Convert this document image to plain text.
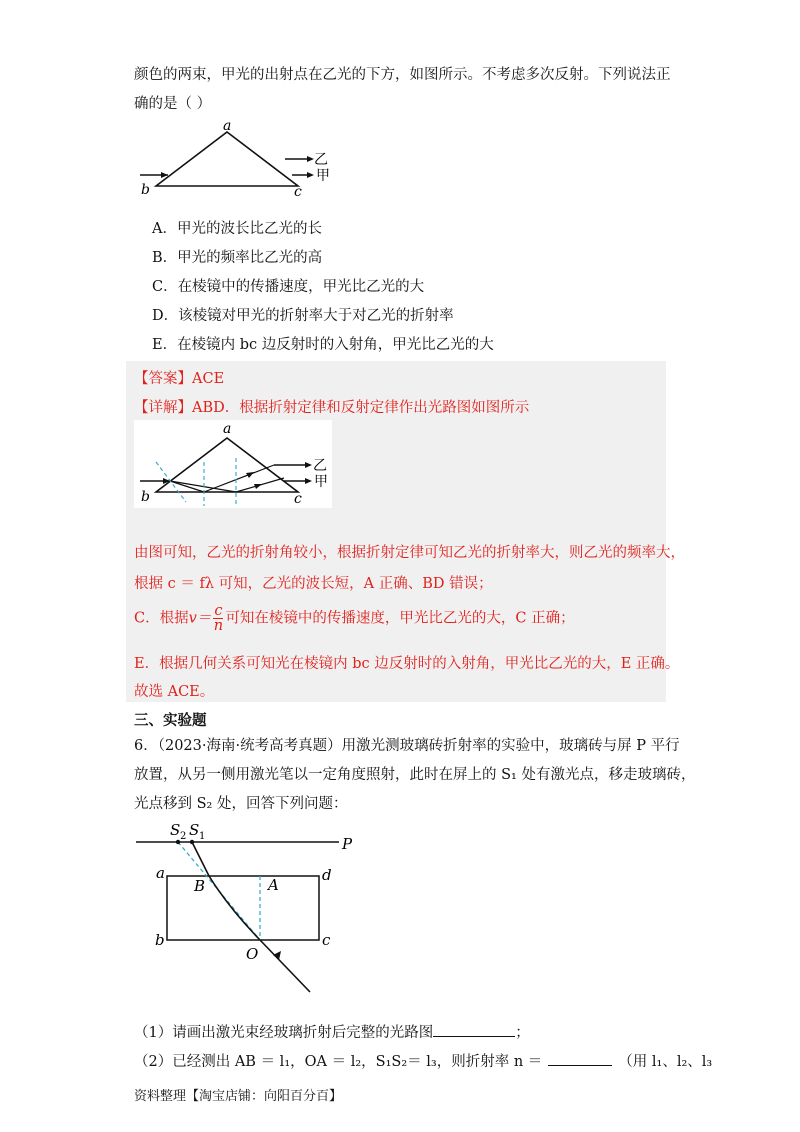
颜色的两束，甲光的出射点在乙光的下方，如图所示。不考虑多次反射。下列说法正
确的是（ ）
a
b	c
乙
甲
A．甲光的波长比乙光的长
B．甲光的频率比乙光的高
C．在棱镜中的传播速度，甲光比乙光的大
D．该棱镜对甲光的折射率大于对乙光的折射率
E．在棱镜内 bc 边反射时的入射角，甲光比乙光的大
【答案】ACE
【详解】ABD．根据折射定律和反射定律作出光路图如图所示
a
b	c
乙
甲
由图可知，乙光的折射角较小，根据折射定律可知乙光的折射率大，则乙光的频率大，
根据 c ＝ fλ 可知，乙光的波长短，A 正确、BD 错误；
C．根据$v= \frac{c}{n}$ 可知在棱镜中的传播速度，甲光比乙光的大，C 正确；
E．根据几何关系可知光在棱镜内 bc 边反射时的入射角，甲光比乙光的大，E 正确。
故选 ACE。
三、实验题
6．（2023·海南·统考高考真题）用激光测玻璃砖折射率的实验中，玻璃砖与屏 P 平行
放置，从另一侧用激光笔以一定角度照射，此时在屏上的 S₁ 处有激光点，移走玻璃砖，
光点移到 S₂ 处，回答下列问题：
S 2 S 1	P
a	d
B	A
b	c
O
（1）请画出激光束经玻璃折射后完整的光路图	；
（2）已经测出 AB ＝ l₁，OA ＝ l₂，S₁S₂＝ l₃，则折射率 n ＝	（用 l₁、l₂、l₃
资料整理【淘宝店铺：向阳百分百】
